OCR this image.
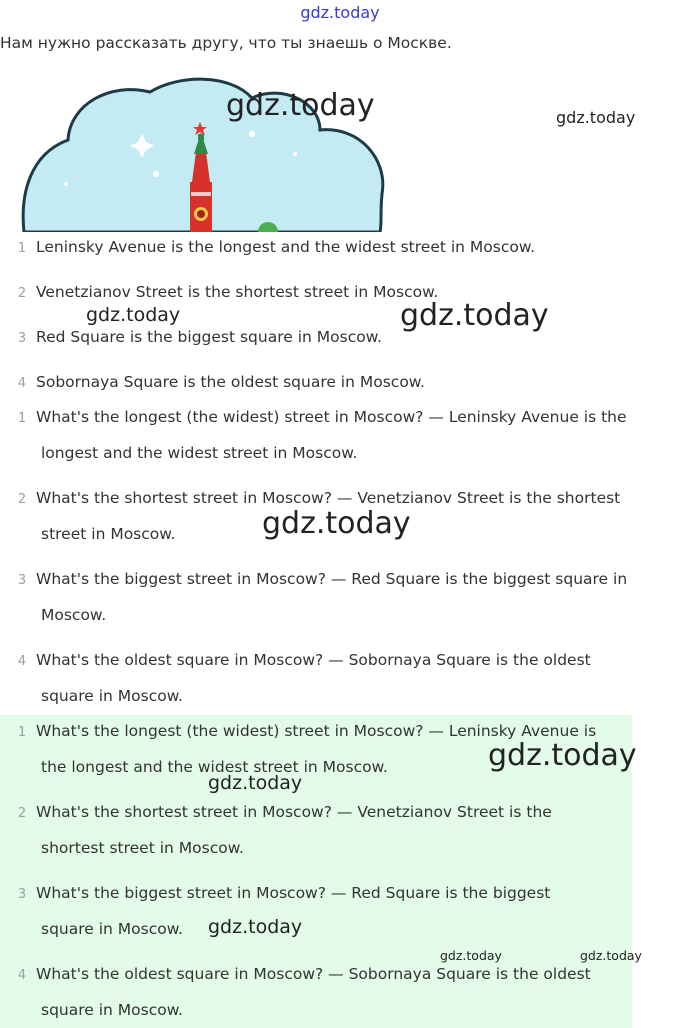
gdz.today
Нам нужно рассказать другу, что ты знаешь о Москве.
1 Leninsky Avenue is the longest and the widest street in Moscow.
2 Venetzianov Street is the shortest street in Moscow.
3 Red Square is the biggest square in Moscow.
4 Sobornaya Square is the oldest square in Moscow.
1 What's the longest (the widest) street in Moscow? — Leninsky Avenue is the
longest and the widest street in Moscow.
2 What's the shortest street in Moscow? — Venetzianov Street is the shortest
street in Moscow.
3 What's the biggest street in Moscow? — Red Square is the biggest square in
Moscow.
4 What's the oldest square in Moscow? — Sobornaya Square is the oldest
square in Moscow.
1 What's the longest (the widest) street in Moscow? — Leninsky Avenue is
the longest and the widest street in Moscow.
2 What's the shortest street in Moscow? — Venetzianov Street is the
shortest street in Moscow.
3 What's the biggest street in Moscow? — Red Square is the biggest
square in Moscow.
4 What's the oldest square in Moscow? — Sobornaya Square is the oldest
square in Moscow.
gdz.today	gdz.today
gdz.today	gdz.today
gdz.today
gdz.today
gdz.today
gdz.today
gdz.today	gdz.today
